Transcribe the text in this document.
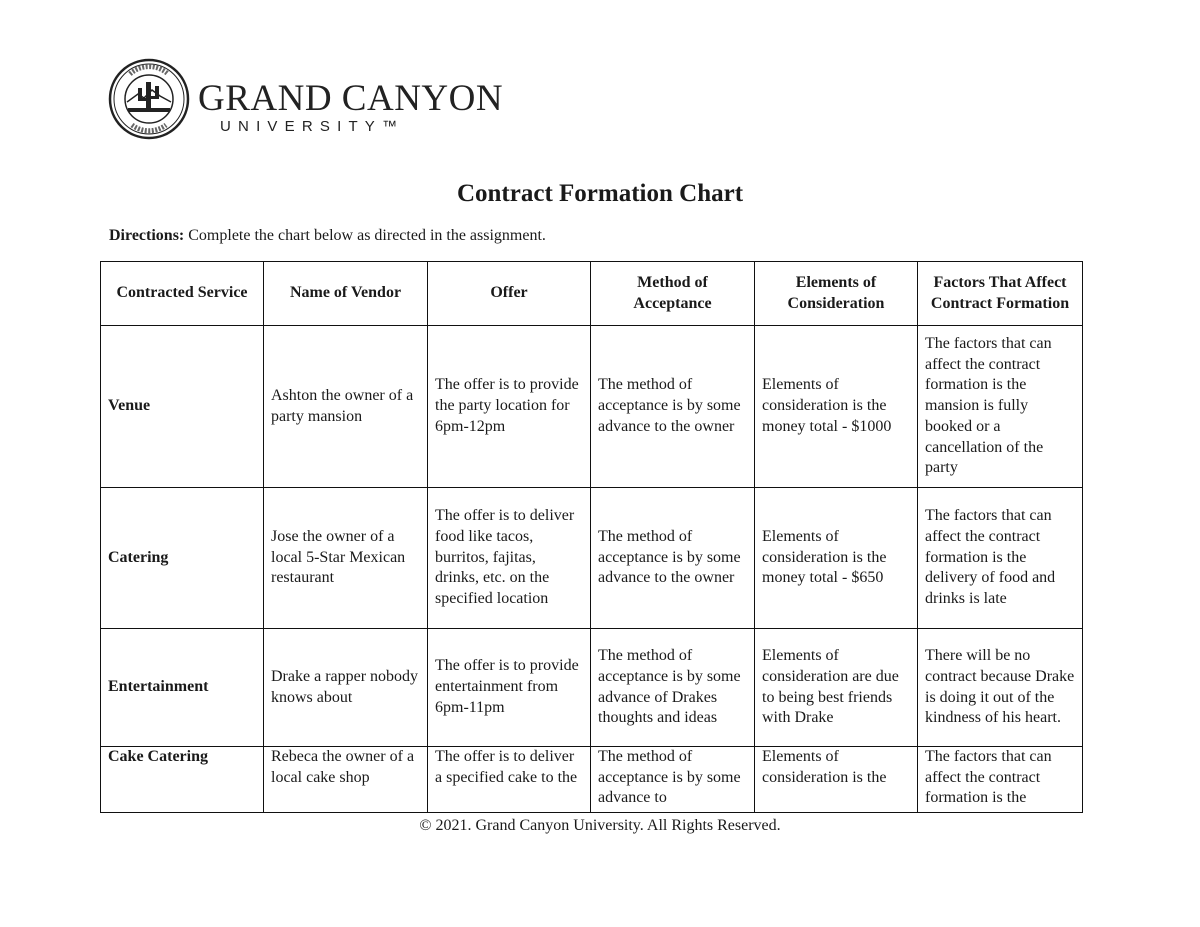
GRAND CANYON
UNIVERSITY™
Contract Formation Chart
Directions: Complete the chart below as directed in the assignment.
Contracted Service	Name of Vendor	Offer	Method of Acceptance	Elements of Consideration	Factors That Affect Contract Formation
Venue	Ashton the owner of a party mansion	The offer is to provide the party location for 6pm-12pm	The method of acceptance is by some advance to the owner	Elements of consideration is the money total - $1000	The factors that can affect the contract formation is the mansion is fully booked or a cancellation of the party
Catering	Jose the owner of a local 5-Star Mexican restaurant	The offer is to deliver food like tacos, burritos, fajitas, drinks, etc. on the specified location	The method of acceptance is by some advance to the owner	Elements of consideration is the money total - $650	The factors that can affect the contract formation is the delivery of food and drinks is late
Entertainment	Drake a rapper nobody knows about	The offer is to provide entertainment from 6pm-11pm	The method of acceptance is by some advance of Drakes thoughts and ideas	Elements of consideration are due to being best friends with Drake	There will be no contract because Drake is doing it out of the kindness of his heart.

Cake Catering	Rebeca the owner of a local cake shop	The offer is to deliver a specified cake to the	The method of acceptance is by some advance to	Elements of consideration is the	The factors that can affect the contract formation is the
© 2021. Grand Canyon University. All Rights Reserved.
